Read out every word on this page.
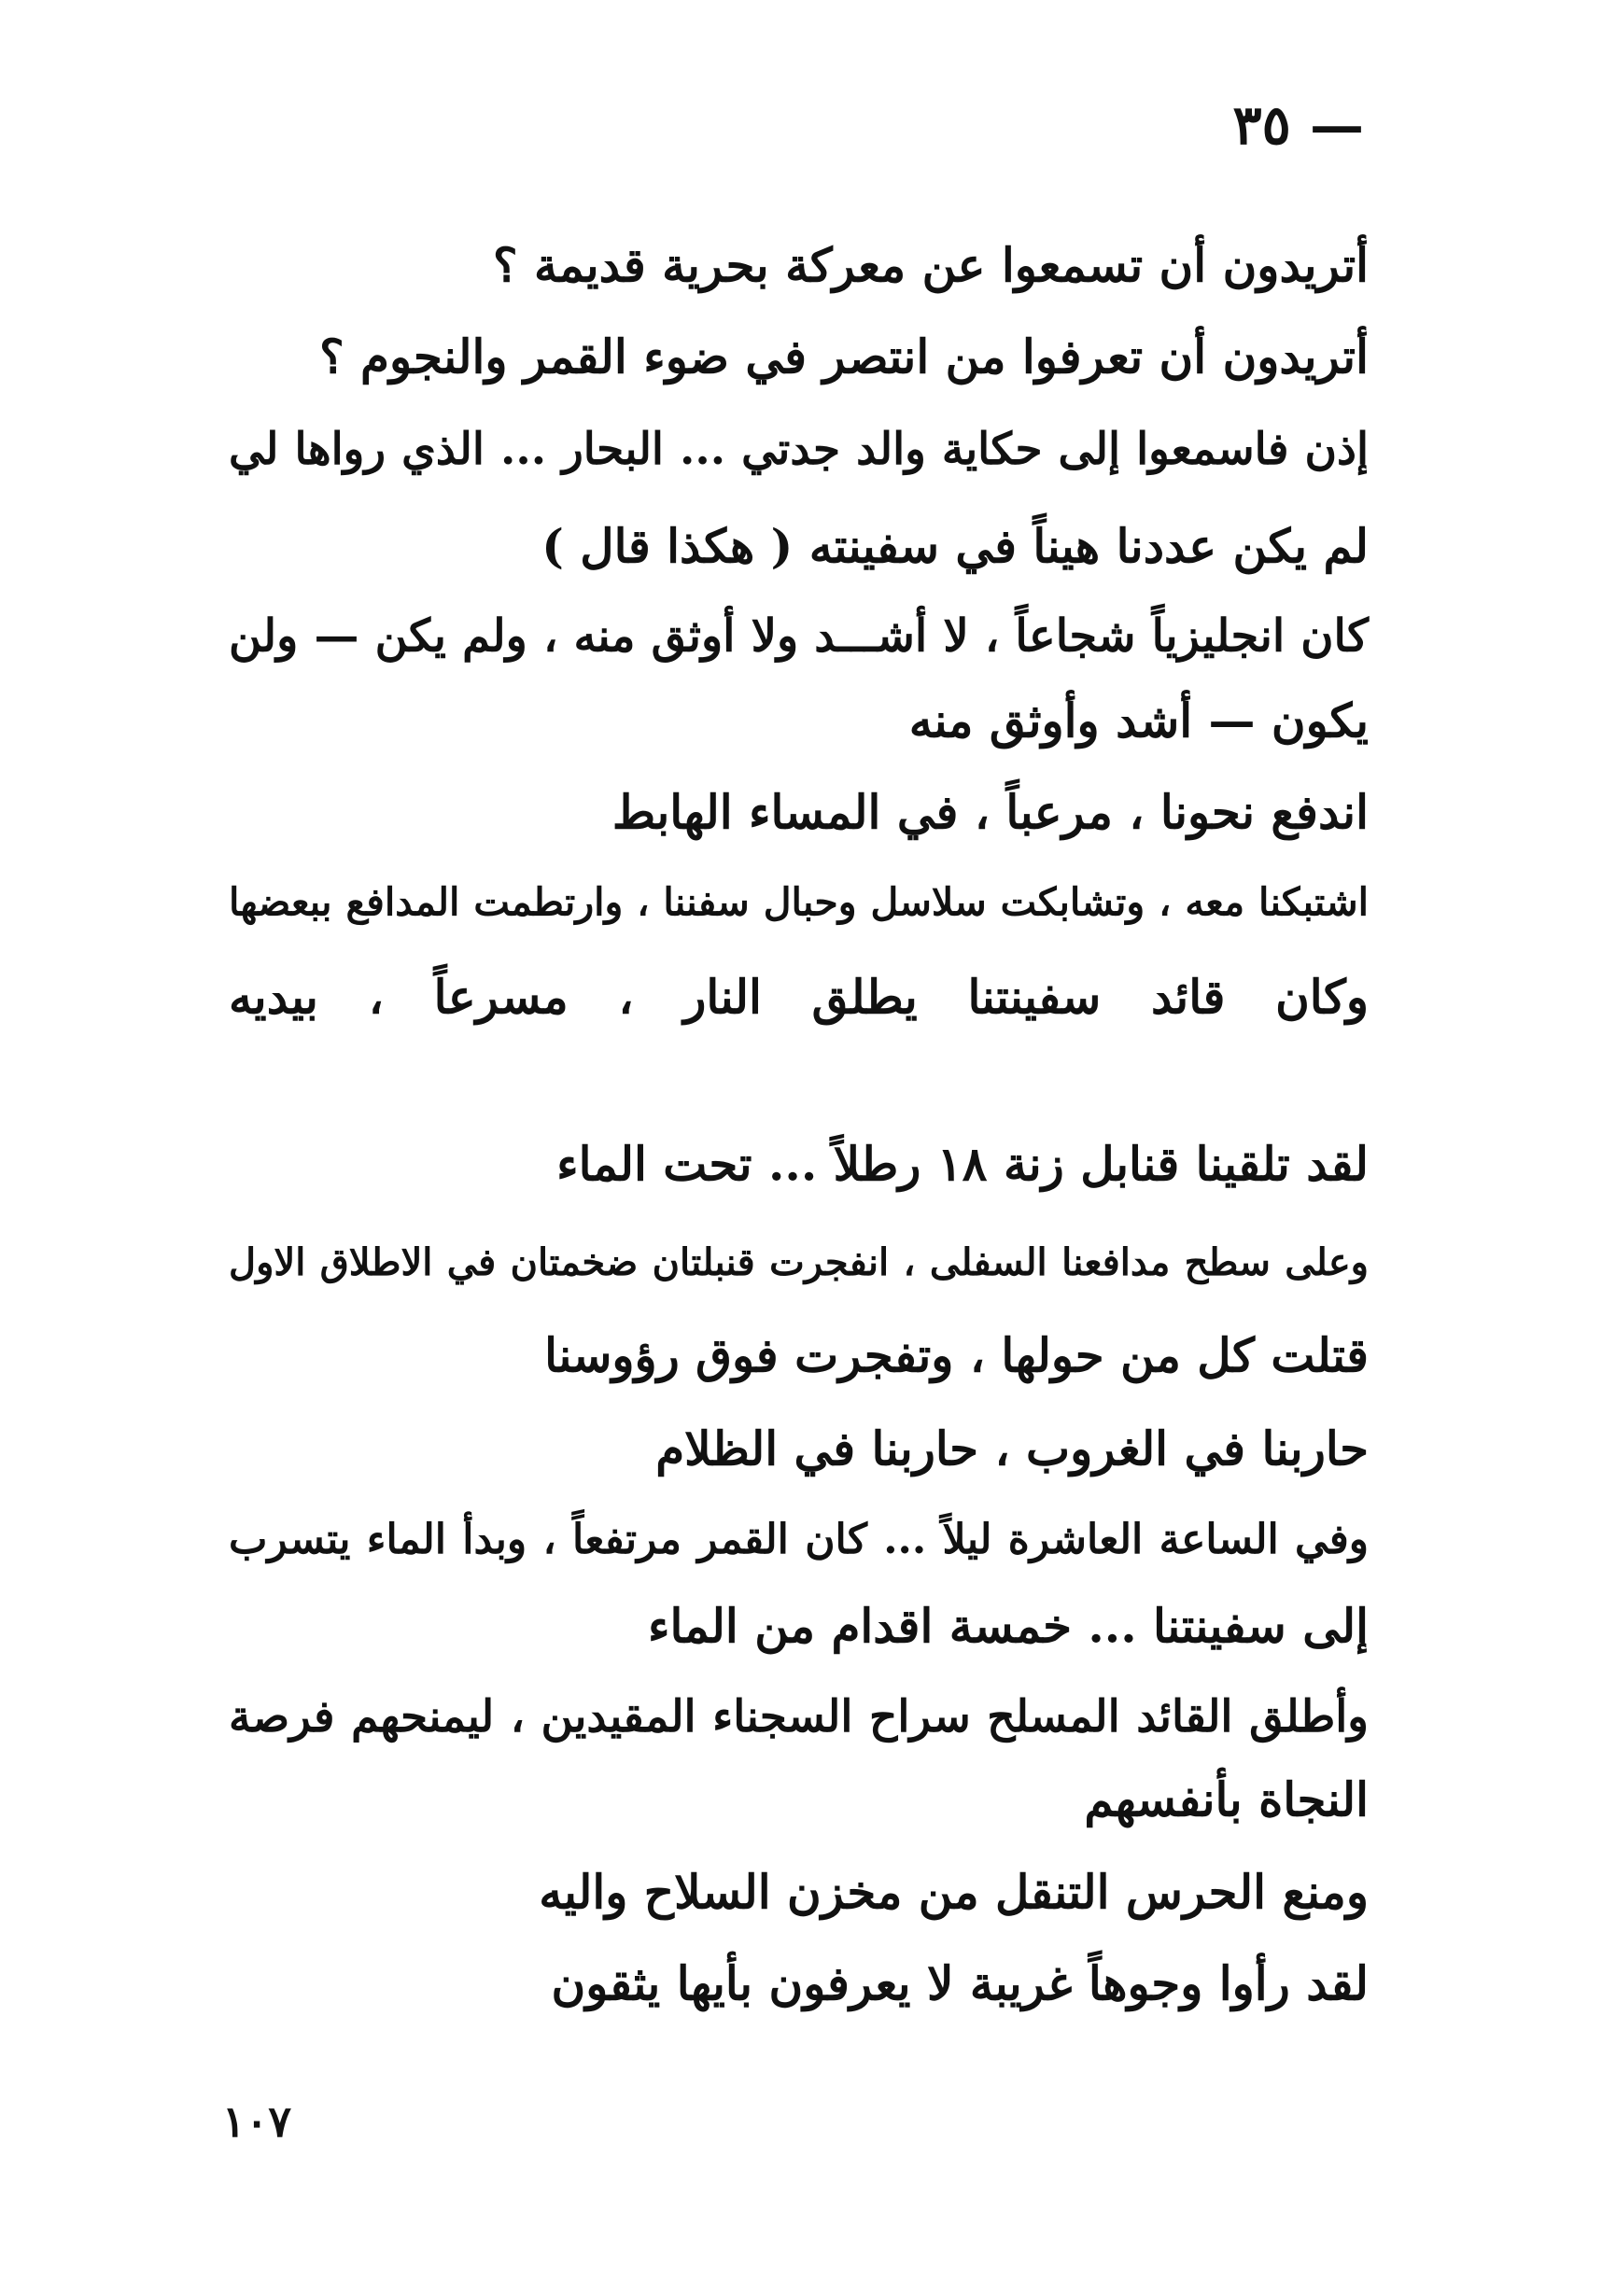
— ٣٥
أتريدون أن تسمعوا عن معركة بحرية قديمة ؟
أتريدون أن تعرفوا من انتصر في ضوء القمر والنجوم ؟
إذن فاسمعوا إلى حكاية والد جدتي ... البحار ... الذي رواها لي
لم يكن عددنا هيناً في سفينته ( هكذا قال )
كان انجليزياً شجاعاً ، لا أشـــد ولا أوثق منه ، ولم يكن — ولن
يكون — أشد وأوثق منه
اندفع نحونا ، مرعباً ، في المساء الهابط
اشتبكنا معه ، وتشابكت سلاسل وحبال سفننا ، وارتطمت المدافع ببعضها
وكان قائد سفينتنا يطلق النار ، مسرعاً ، بيديه
لقد تلقينا قنابل زنة ١٨ رطلاً ... تحت الماء
وعلى سطح مدافعنا السفلى ، انفجرت قنبلتان ضخمتان في الاطلاق الاول
قتلت كل من حولها ، وتفجرت فوق رؤوسنا
حاربنا في الغروب ، حاربنا في الظلام
وفي الساعة العاشرة ليلاً ... كان القمر مرتفعاً ، وبدأ الماء يتسرب
إلى سفينتنا ... خمسة اقدام من الماء
وأطلق القائد المسلح سراح السجناء المقيدين ، ليمنحهم فرصة
النجاة بأنفسهم
ومنع الحرس التنقل من مخزن السلاح واليه
لقد رأوا وجوهاً غريبة لا يعرفون بأيها يثقون
١٠٧
